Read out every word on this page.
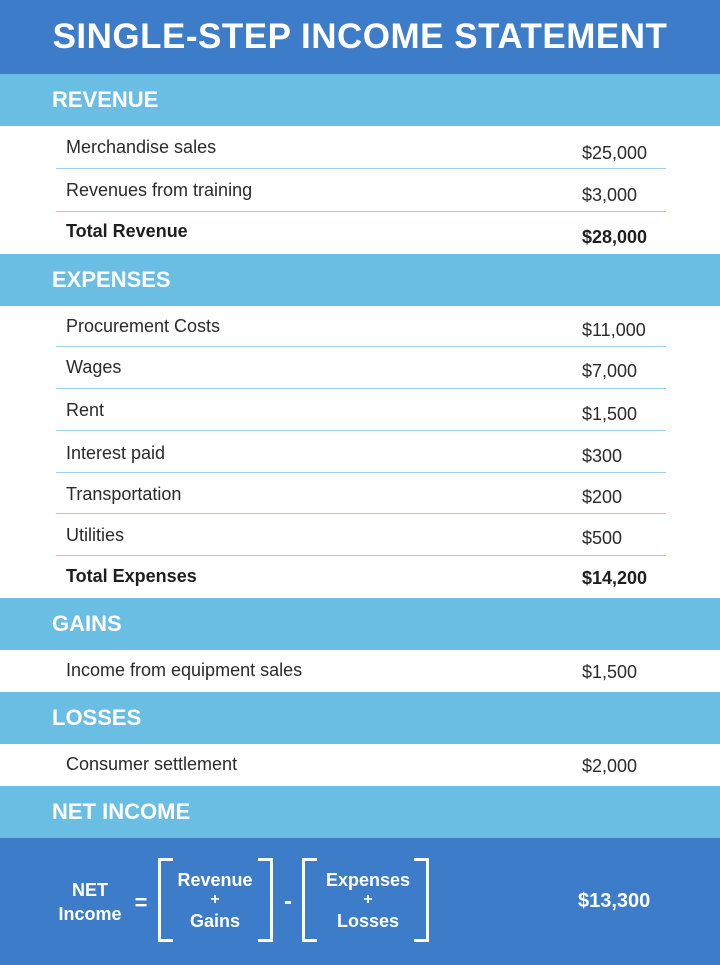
SINGLE-STEP INCOME STATEMENT
REVENUE
Merchandise sales	$25,000
Revenues from training	$3,000
Total Revenue	$28,000
EXPENSES
Procurement Costs	$11,000
Wages	$7,000
Rent	$1,500
Interest paid	$300
Transportation	$200
Utilities	$500
Total Expenses	$14,200
GAINS
Income from equipment sales	$1,500
LOSSES
Consumer settlement	$2,000
NET INCOME
NET
Income =
Revenue
+
Gains
-
Expenses
+
Losses
$13,300
